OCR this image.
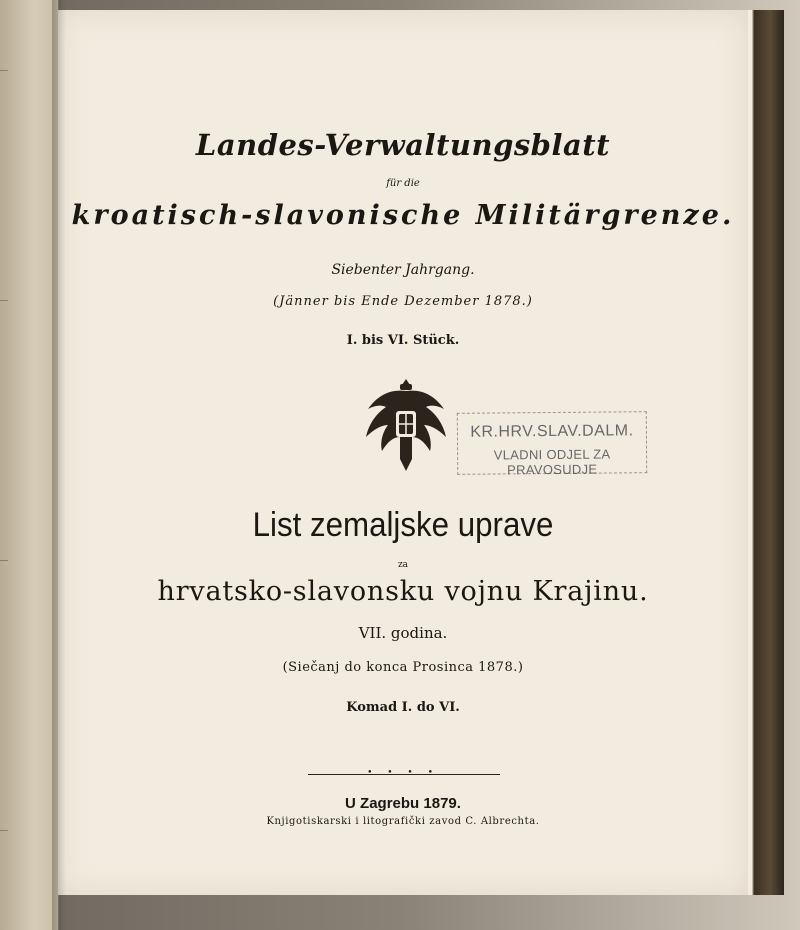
Landes-Verwaltungsblatt
für die
kroatisch-slavonische Militärgrenze.
Siebenter Jahrgang.
(Jänner bis Ende Dezember 1878.)
I. bis VI. Stück.
KR.HRV.SLAV.DALM.
VLADNI ODJEL ZA PRAVOSUDJE
List zemaljske uprave
za
hrvatsko-slavonsku vojnu Krajinu.
VII. godina.
(Siečanj do konca Prosinca 1878.)
Komad I. do VI.
• • • •
U Zagrebu 1879.
Knjigotiskarski i litografički zavod C. Albrechta.
